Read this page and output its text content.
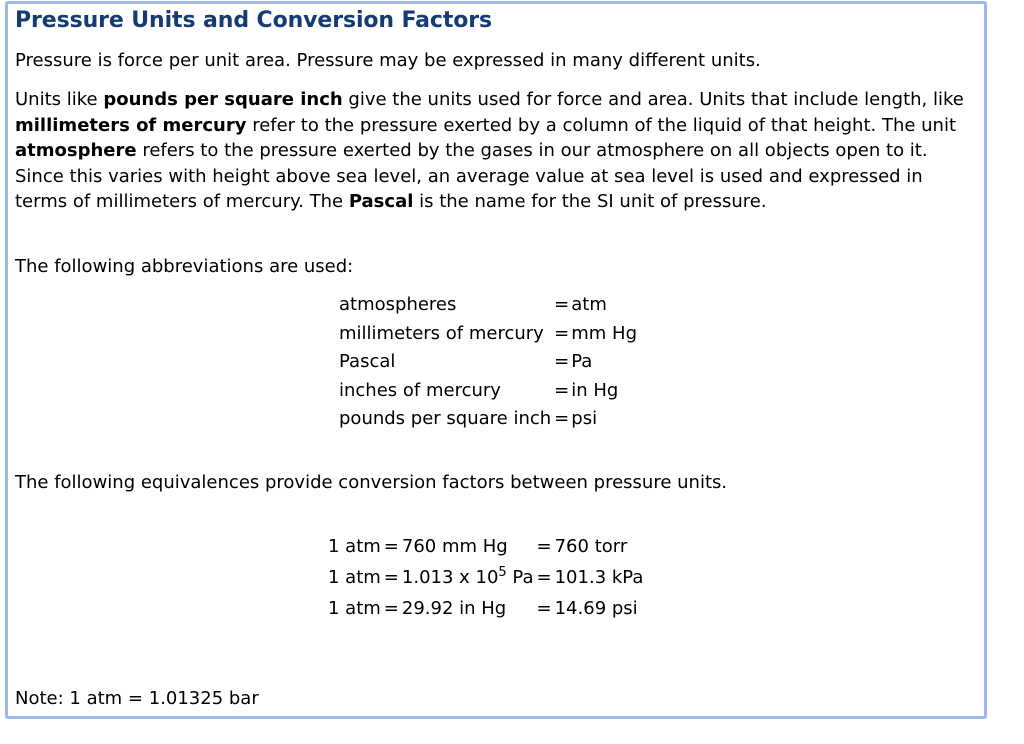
Pressure Units and Conversion Factors

Pressure is force per unit area. Pressure may be expressed in many different units.

Units like pounds per square inch give the units used for force and area. Units that include length, like millimeters of mercury refer to the pressure exerted by a column of the liquid of that height. The unit atmosphere refers to the pressure exerted by the gases in our atmosphere on all objects open to it. Since this varies with height above sea level, an average value at sea level is used and expressed in terms of millimeters of mercury. The Pascal is the name for the SI unit of pressure.

The following abbreviations are used:

atmospheres	=	atm
millimeters of mercury	=	mm Hg
Pascal	=	Pa
inches of mercury	=	in Hg
pounds per square inch	=	psi

The following equivalences provide conversion factors between pressure units.

1 atm	=	760 mm Hg	=	760 torr
1 atm	=	1.013 x $10^5$ Pa	=	101.3 kPa
1 atm	=	29.92 in Hg	=	14.69 psi

Note: 1 atm = 1.01325 bar
